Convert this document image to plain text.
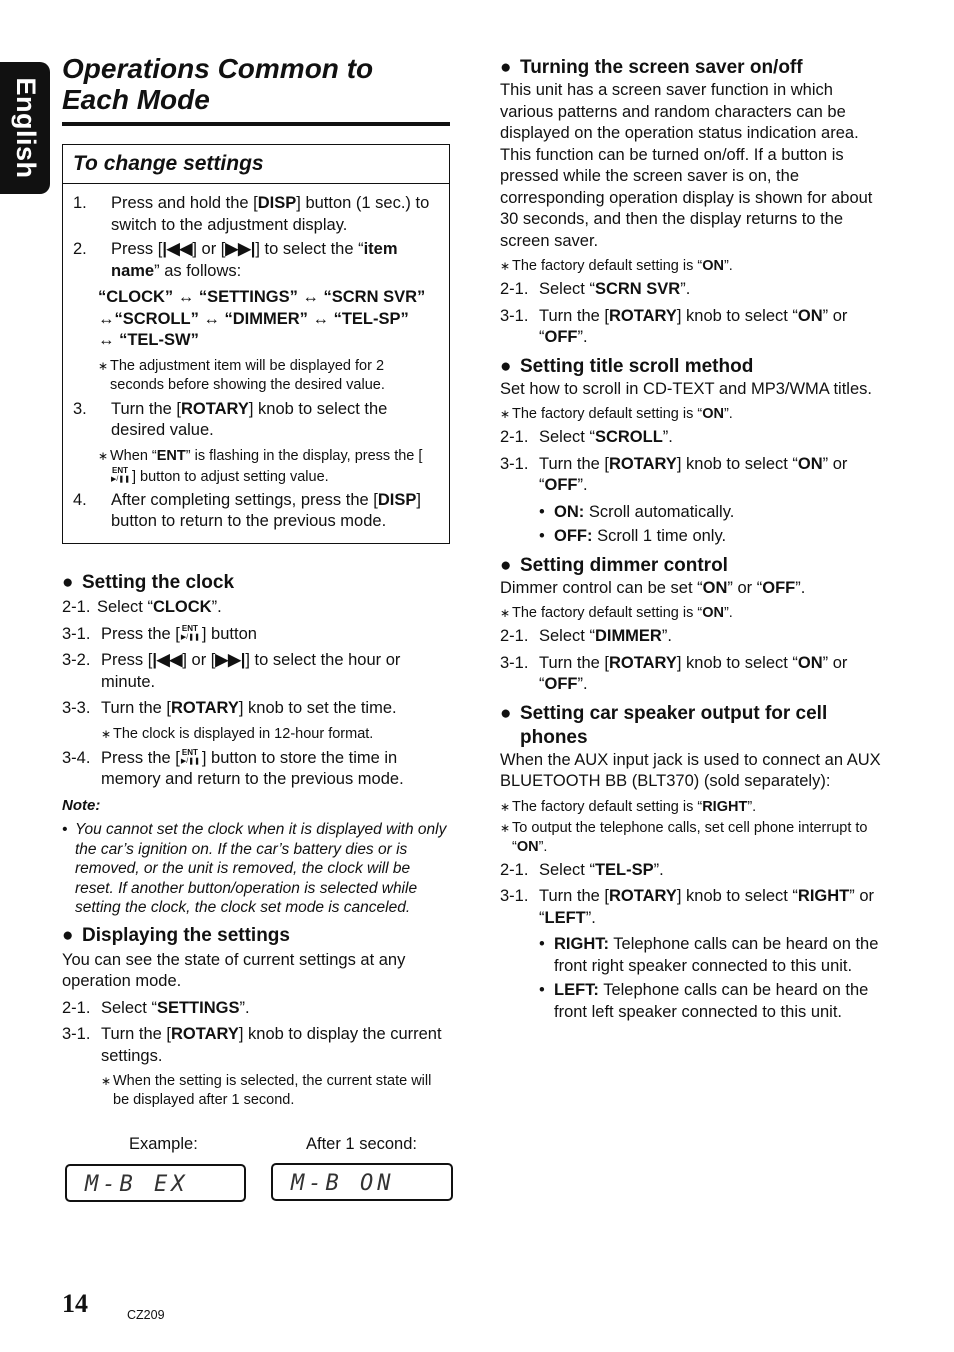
English
Operations Common to
Each Mode
To change settings
1. Press and hold the [DISP] button (1 sec.) to switch to the adjustment display.
2. Press [|◀◀] or [▶▶|] to select the “item name” as follows:
“CLOCK” ↔ “SETTINGS” ↔ “SCRN SVR”
↔“SCROLL” ↔ “DIMMER” ↔ “TEL-SP”
↔ “TEL-SW”
∗ The adjustment item will be displayed for 2 seconds before showing the desired value.
3. Turn the [ROTARY] knob to select the desired value.
∗ When “ENT” is flashing in the display, press the [ENT ▶/❚❚] button to adjust setting value.
4. After completing settings, press the [DISP] button to return to the previous mode.
● Setting the clock
2-1. Select “CLOCK”.
3-1. Press the [ ENT ▶/❚❚ ] button
3-2. Press [|◀◀] or [▶▶|] to select the hour or minute.
3-3. Turn the [ROTARY] knob to set the time.
∗ The clock is displayed in 12-hour format.
3-4. Press the [ ENT ▶/❚❚ ] button to store the time in memory and return to the previous mode.
Note:
• You cannot set the clock when it is displayed with only the car’s ignition on. If the car’s battery dies or is removed, or the unit is removed, the clock will be reset. If another button/operation is selected while setting the clock, the clock set mode is canceled.
● Displaying the settings
You can see the state of current settings at any operation mode.
2-1. Select “SETTINGS”.
3-1. Turn the [ROTARY] knob to display the current settings.
∗ When the setting is selected, the current state will be displayed after 1 second.
Example:	After 1 second:
M-B EX	M-B ON
● Turning the screen saver on/off
This unit has a screen saver function in which various patterns and random characters can be displayed on the operation status indication area. This function can be turned on/off. If a button is pressed while the screen saver is on, the corresponding operation display is shown for about 30 seconds, and then the display returns to the screen saver.
∗ The factory default setting is “ON”.
2-1. Select “SCRN SVR”.
3-1. Turn the [ROTARY] knob to select “ON” or “OFF”.
● Setting title scroll method
Set how to scroll in CD-TEXT and MP3/WMA titles.
∗ The factory default setting is “ON”.
2-1. Select “SCROLL”.
3-1. Turn the [ROTARY] knob to select “ON” or “OFF”.
• ON: Scroll automatically.
• OFF: Scroll 1 time only.
● Setting dimmer control
Dimmer control can be set “ON” or “OFF”.
∗ The factory default setting is “ON”.
2-1. Select “DIMMER”.
3-1. Turn the [ROTARY] knob to select “ON” or “OFF”.
● Setting car speaker output for cell
phones
When the AUX input jack is used to connect an AUX BLUETOOTH BB (BLT370) (sold separately):
∗ The factory default setting is “RIGHT”.
∗ To output the telephone calls, set cell phone interrupt to “ON”.
2-1. Select “TEL-SP”.
3-1. Turn the [ROTARY] knob to select “RIGHT” or “LEFT”.
• RIGHT: Telephone calls can be heard on the front right speaker connected to this unit.
• LEFT: Telephone calls can be heard on the front left speaker connected to this unit.
14	CZ209
